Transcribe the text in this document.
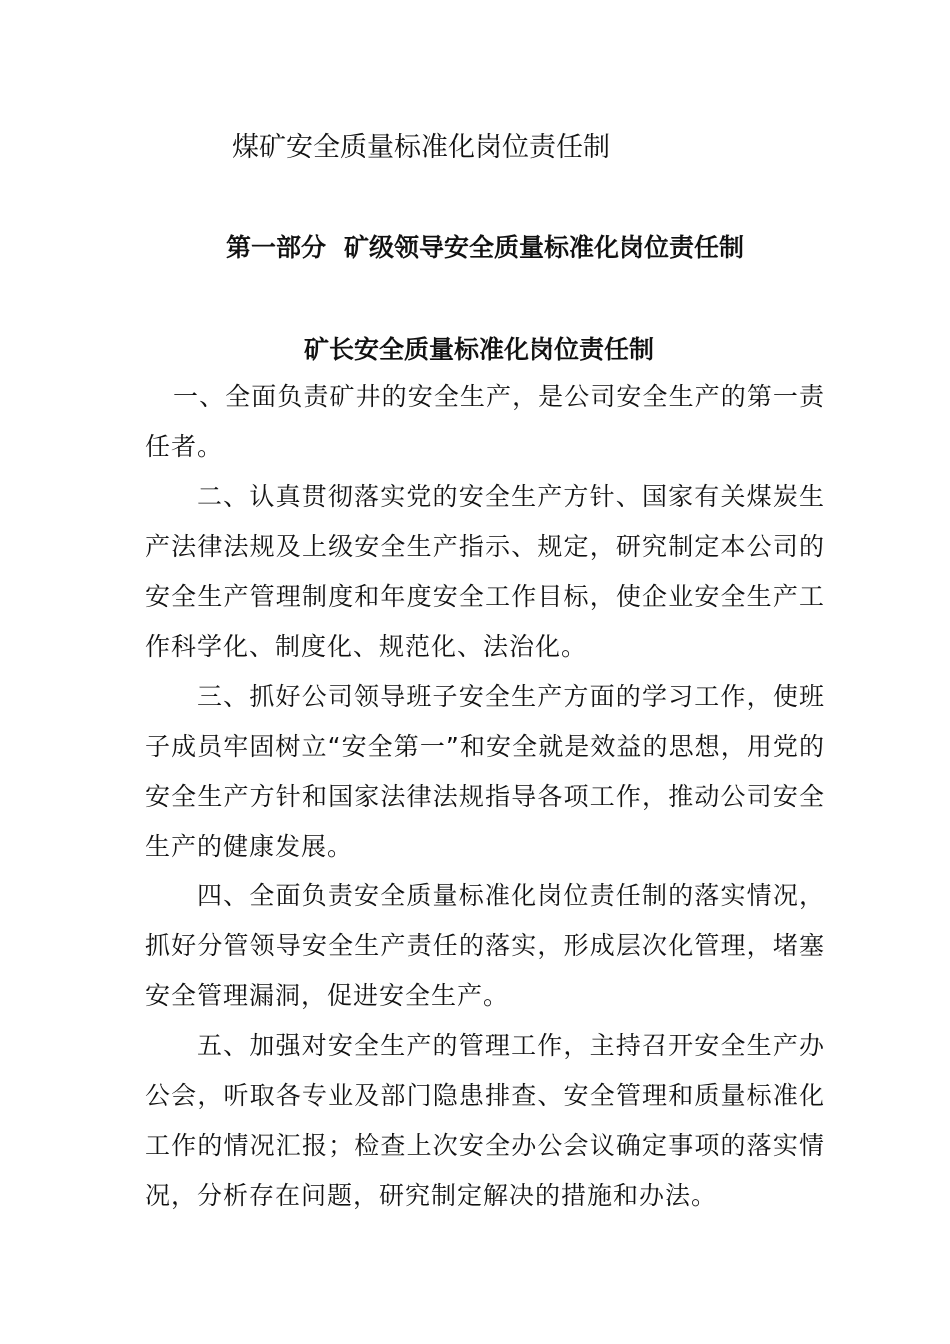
煤矿安全质量标准化岗位责任制
第一部分 矿级领导安全质量标准化岗位责任制
矿长安全质量标准化岗位责任制

一、全面负责矿井的安全生产，是公司安全生产的第一责任者。

二、认真贯彻落实党的安全生产方针、国家有关煤炭生产法律法规及上级安全生产指示、规定，研究制定本公司的安全生产管理制度和年度安全工作目标，使企业安全生产工作科学化、制度化、规范化、法治化。

三、抓好公司领导班子安全生产方面的学习工作，使班子成员牢固树立“安全第一”和安全就是效益的思想，用党的安全生产方针和国家法律法规指导各项工作，推动公司安全生产的健康发展。

四、全面负责安全质量标准化岗位责任制的落实情况，抓好分管领导安全生产责任的落实，形成层次化管理，堵塞安全管理漏洞，促进安全生产。

五、加强对安全生产的管理工作，主持召开安全生产办公会，听取各专业及部门隐患排查、安全管理和质量标准化工作的情况汇报；检查上次安全办公会议确定事项的落实情况，分析存在问题，研究制定解决的措施和办法。
